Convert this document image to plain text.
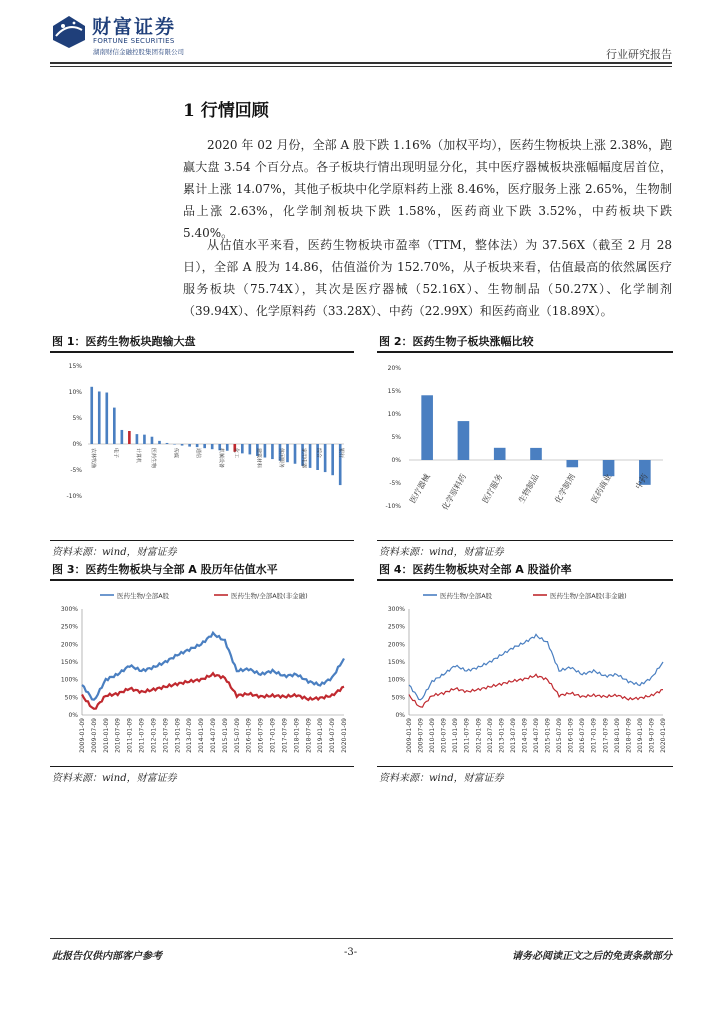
财富证券
FORTUNE SECURITIES
湖南财信金融控股集团有限公司	行业研究报告
1 行情回顾
2020 年 02 月份，全部 A 股下跌 1.16%（加权平均），医药生物板块上涨 2.38%，跑赢大盘 3.54 个百分点。各子板块行情出现明显分化，其中医疗器械板块涨幅幅度居首位，累计上涨 14.07%，其他子板块中化学原料药上涨 8.46%，医疗服务上涨 2.65%，生物制品上涨 2.63%，化学制剂板块下跌 1.58%，医药商业下跌 3.52%，中药板块下跌 5.40%。
从估值水平来看，医药生物板块市盈率（TTM，整体法）为 37.56X（截至 2 月 28 日），全部 A 股为 14.86，估值溢价为 152.70%，从子板块来看，估值最高的依然属医疗服务板块（75.74X），其次是医疗器械（52.16X）、生物制品（50.27X）、化学制剂（39.94X）、化学原料药（33.28X）、中药（22.99X）和医药商业（18.89X）。
图 1：医药生物板块跑输大盘	图 2：医药生物子板块涨幅比较
15%
10%
5%
0%
-5%
-10%
农林牧渔	电子	计算机 医药生物	传媒	通信	机械设备 化工	建筑材料	休闲服务	家用电器 综合	银行
20%
15%
10%
5%
0%
-5%
-10%
医疗器械 化学原料药 医疗服务 生物制品 化学制剂 医药商业	中药
资料来源：wind，财富证券	资料来源：wind，财富证券
图 3：医药生物板块与全部 A 股历年估值水平	图 4：医药生物板块对全部 A 股溢价率
300%
250%
200%
150%
100%
50%
0%
2009-01-09 2009-07-09 2010-01-09 2010-07-09 2011-01-09 2011-07-09 2012-01-09 2012-07-09 2013-01-09 2013-07-09 2014-01-09 2014-07-09 2015-01-09 2015-07-09 2016-01-09 2016-07-09 2017-01-09 2017-07-09 2018-01-09 2018-07-09 2019-01-09 2019-07-09 2020-01-09
医药生物/全部A股	医药生物/全部A股(非金融)
300%
250%
200%
150%
100%
50%
0%
2009-01-09 2009-07-09 2010-01-09 2010-07-09 2011-01-09 2011-07-09 2012-01-09 2012-07-09 2013-01-09 2013-07-09 2014-01-09 2014-07-09 2015-01-09 2015-07-09 2016-01-09 2016-07-09 2017-01-09 2017-07-09 2018-01-09 2018-07-09 2019-01-09 2019-07-09 2020-01-09
医药生物/全部A股	医药生物/全部A股(非金融)
资料来源：wind，财富证券	资料来源：wind，财富证券
此报告仅供内部客户参考	-3-	请务必阅读正文之后的免责条款部分
